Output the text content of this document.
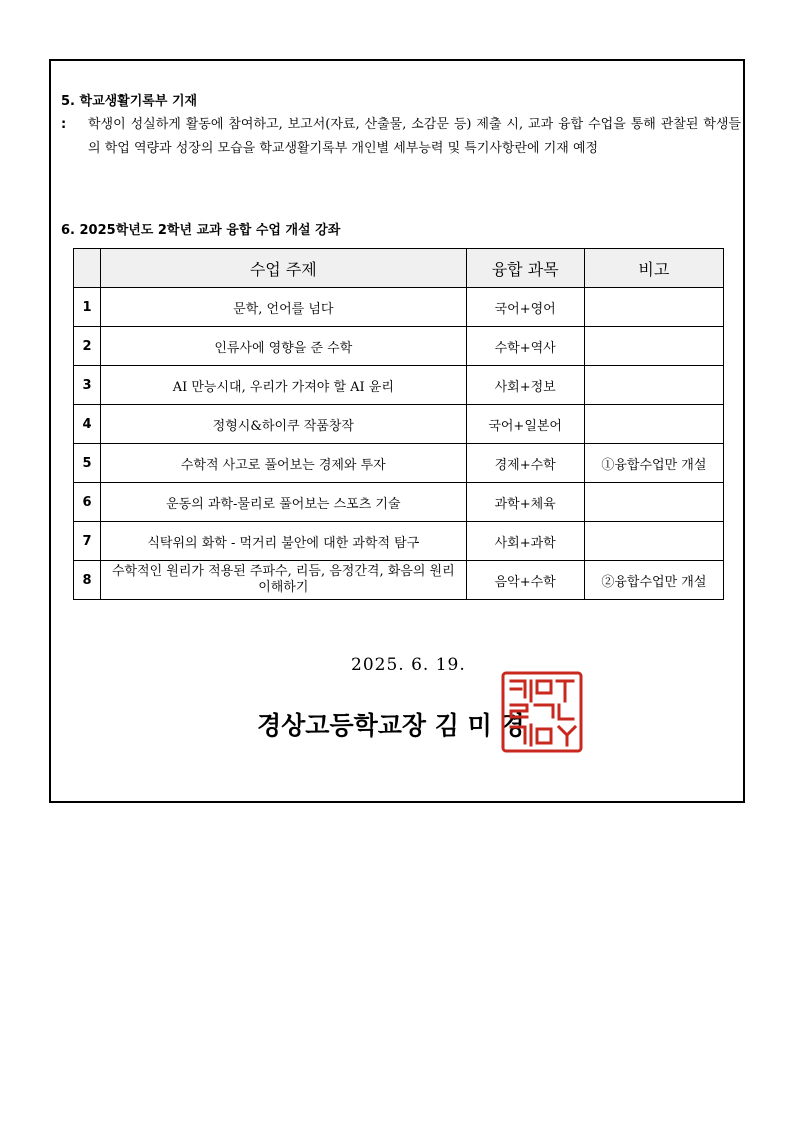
5. 학교생활기록부 기재
: 학생이 성실하게 활동에 참여하고, 보고서(자료, 산출물, 소감문 등) 제출 시, 교과 융합 수업을 통해 관찰된 학생들의 학업 역량과 성장의 모습을 학교생활기록부 개인별 세부능력 및 특기사항란에 기재 예정
6. 2025학년도 2학년 교과 융합 수업 개설 강좌
	수업 주제	융합 과목	비고
1	문학, 언어를 넘다	국어+영어	
2	인류사에 영향을 준 수학	수학+역사	
3	AI 만능시대, 우리가 가져야 할 AI 윤리	사회+정보	
4	정형시&하이쿠 작품창작	국어+일본어	
5	수학적 사고로 풀어보는 경제와 투자	경제+수학	①융합수업만 개설
6	운동의 과학-물리로 풀어보는 스포츠 기술	과학+체육	
7	식탁위의 화학 - 먹거리 불안에 대한 과학적 탐구	사회+과학	
8	수학적인 원리가 적용된 주파수, 리듬, 음정간격, 화음의 원리 이해하기	음악+수학	②융합수업만 개설
2025. 6. 19.
경상고등학교장 김 미 경
